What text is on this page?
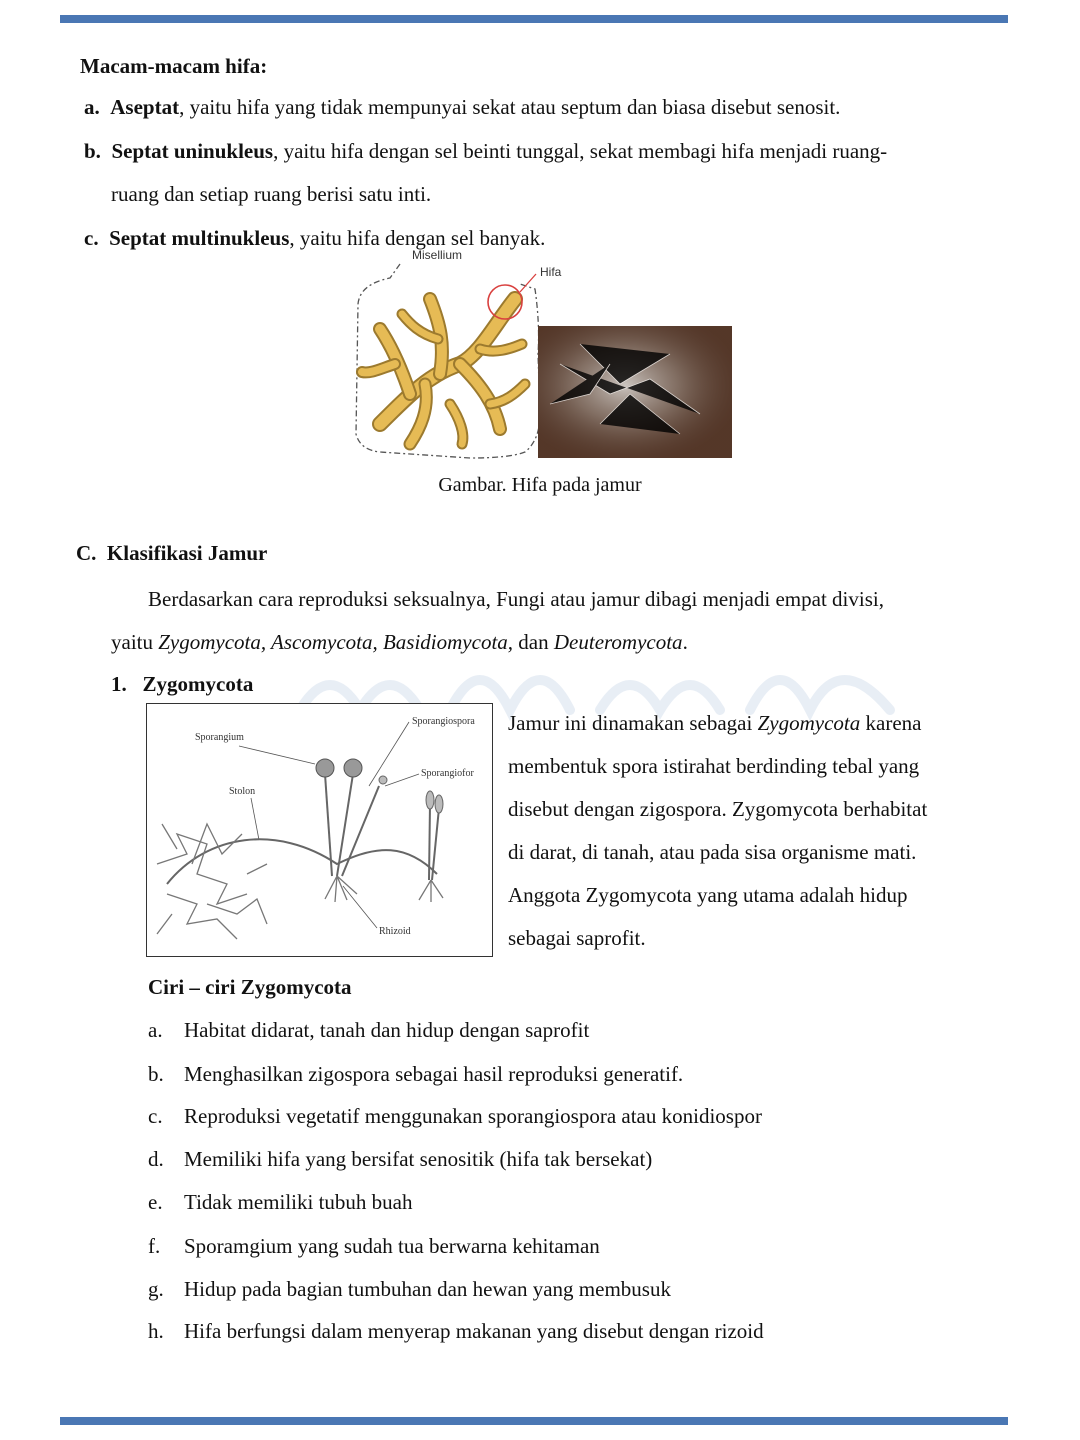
Macam-macam hifa:
a. Aseptat, yaitu hifa yang tidak mempunyai sekat atau septum dan biasa disebut senosit.
b. Septat uninukleus, yaitu hifa dengan sel beinti tunggal, sekat membagi hifa menjadi ruang-
ruang dan setiap ruang berisi satu inti.
c. Septat multinukleus, yaitu hifa dengan sel banyak.
Misellium
Hifa
Gambar. Hifa pada jamur
C. Klasifikasi Jamur
Berdasarkan cara reproduksi seksualnya, Fungi atau jamur dibagi menjadi empat divisi,
yaitu Zygomycota, Ascomycota, Basidiomycota, dan Deuteromycota.
1. Zygomycota
Sporangium
Sporangiospora
Sporangiofor
Stolon
Rhizoid
Jamur ini dinamakan sebagai Zygomycota karena
membentuk spora istirahat berdinding tebal yang
disebut dengan zigospora. Zygomycota berhabitat
di darat, di tanah, atau pada sisa organisme mati.
Anggota Zygomycota yang utama adalah hidup
sebagai saprofit.
Ciri – ciri Zygomycota
a. Habitat didarat, tanah dan hidup dengan saprofit
b. Menghasilkan zigospora sebagai hasil reproduksi generatif.
c. Reproduksi vegetatif menggunakan sporangiospora atau konidiospor
d. Memiliki hifa yang bersifat senositik (hifa tak bersekat)
e. Tidak memiliki tubuh buah
f. Sporamgium yang sudah tua berwarna kehitaman
g. Hidup pada bagian tumbuhan dan hewan yang membusuk
h. Hifa berfungsi dalam menyerap makanan yang disebut dengan rizoid
